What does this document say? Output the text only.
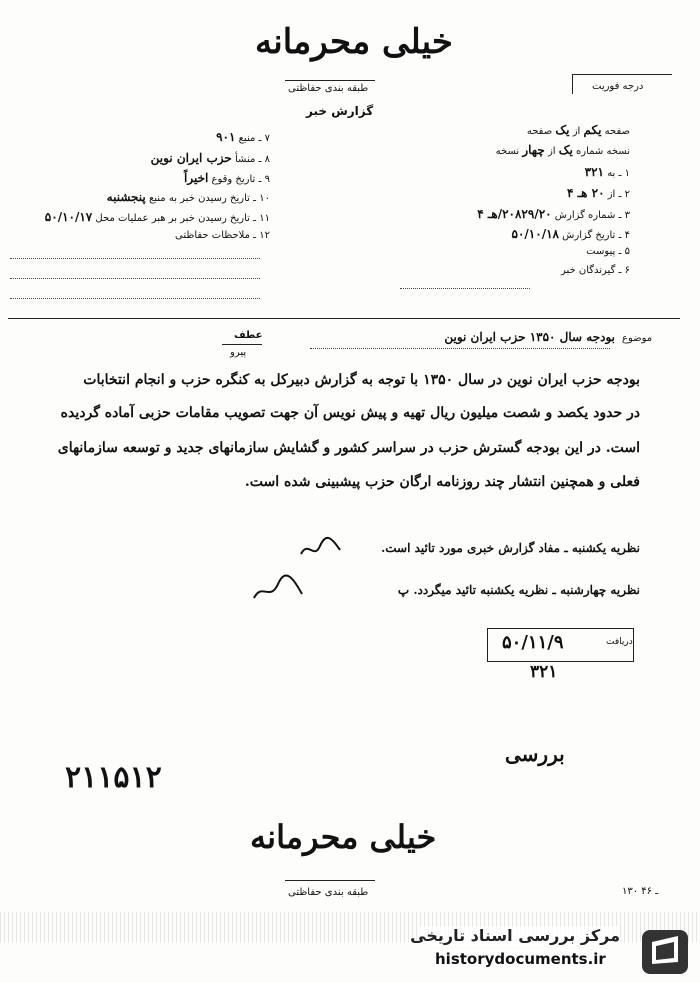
خیلی محرمانه
طبقه بندی حفاظتی
گزارش خبر
درجه فوریت
صفحه یکم از یک صفحه
نسخه شماره یک از چهار نسخه
۱ ـ به ۳۲۱
۲ ـ از ۲۰ هـ ۴
۳ ـ شماره گزارش ۲۰۸۲۹/۲۰/هـ ۴
۴ ـ تاریخ گزارش ۵۰/۱۰/۱۸
۵ ـ پیوست
۶ ـ گیرندگان خبر
۷ ـ منبع ۹۰۱
۸ ـ منشأ حزب ایران نوین
۹ ـ تاریخ وقوع اخیراً
۱۰ ـ تاریخ رسیدن خبر به منبع پنجشنبه
۱۱ ـ تاریخ رسیدن خبر بر هبر عملیات محل ۵۰/۱۰/۱۷
۱۲ ـ ملاحظات حفاظتی
موضوع
بودجه سال ۱۳۵۰ حزب ایران نوین
عطف
پیرو
بودجه حزب ایران نوین در سال ۱۳۵۰ با توجه به گزارش دبیرکل به کنگره حزب و انجام انتخابات
در حدود یکصد و شصت میلیون ریال تهیه و پیش نویس آن جهت تصویب مقامات حزبی آماده گردیده
است. در این بودجه گسترش حزب در سراسر کشور و گشایش سازمانهای جدید و توسعه سازمانهای
فعلی و همچنین انتشار چند روزنامه ارگان حزب پیشبینی شده است.
نظریه یکشنبه ـ مفاد گزارش خبری مورد تائید است.
نظریه چهارشنبه ـ نظریه یکشنبه تائید میگردد. پ
۵۰/۱۱/۹	دریافت
۳۲۱
بررسی
۲۱۱۵۱۲
خیلی محرمانه
طبقه بندی حفاظتی	۱۳۰ ـ ۴۶
مرکز بررسی اسناد تاریخی
historydocuments.ir
